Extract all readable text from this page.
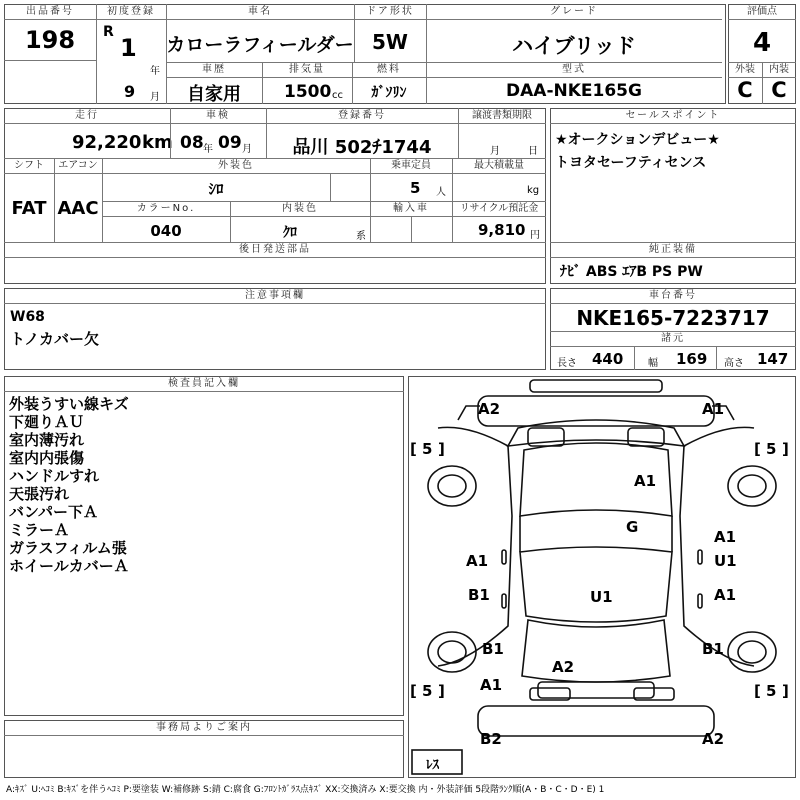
出品番号
198
初度登録
R
1
年
9 月
車名
カローラフィールダー
ドア形状
5W
グレード
ハイブリッド
車歴
自家用
排気量
1500 cc
燃料
ｶﾞｿﾘﾝ
型式
DAA-NKE165G
評価点
4
外装	内装
C C
走行
92,220 km
車検
08 年 09 月
登録番号
品川 502ﾁ1744
譲渡書類期限
月	日
シフト
FAT
エアコン
AAC
外装色
ｼﾛ
乗車定員
5 人
最大積載量
kg
カラーNo.
040
内装色
ｸﾛ	系
輸入車	リサイクル預託金
9,810 円
後日発送部品
セールスポイント
★オークションデビュー★
トヨタセーフティセンス
純正装備
ﾅﾋﾞ ABS ｴｱB PS PW
注意事項欄
W68
トノカバー欠
車台番号
NKE165-7223717
諸元
長さ 440 幅 169 高さ 147
検査員記入欄
外装うすい線キズ
下廻りＡＵ
室内薄汚れ
室内内張傷
ハンドルすれ
天張汚れ
バンパー下Ａ
ミラーＡ
ガラスフィルム張
ホイールカバーＡ
5	5
5	5
[ ]	[ ]
[ ]	[ ]
A2	A1
A1
G
A1
U1
A1
U1	A1
B1
B1
A2
B1
A1
B2	A2
ﾚｽ
事務局よりご案内
A:ｷｽﾞ U:ﾍｺﾐ B:ｷｽﾞを伴うﾍｺﾐ P:要塗装 W:補修跡 S:錆 C:腐食 G:ﾌﾛﾝﾄｶﾞﾗｽ点ｷｽﾞ XX:交換済み X:要交換 内・外装評価 5段階ﾗﾝｸ順(A・B・C・D・E) 1
